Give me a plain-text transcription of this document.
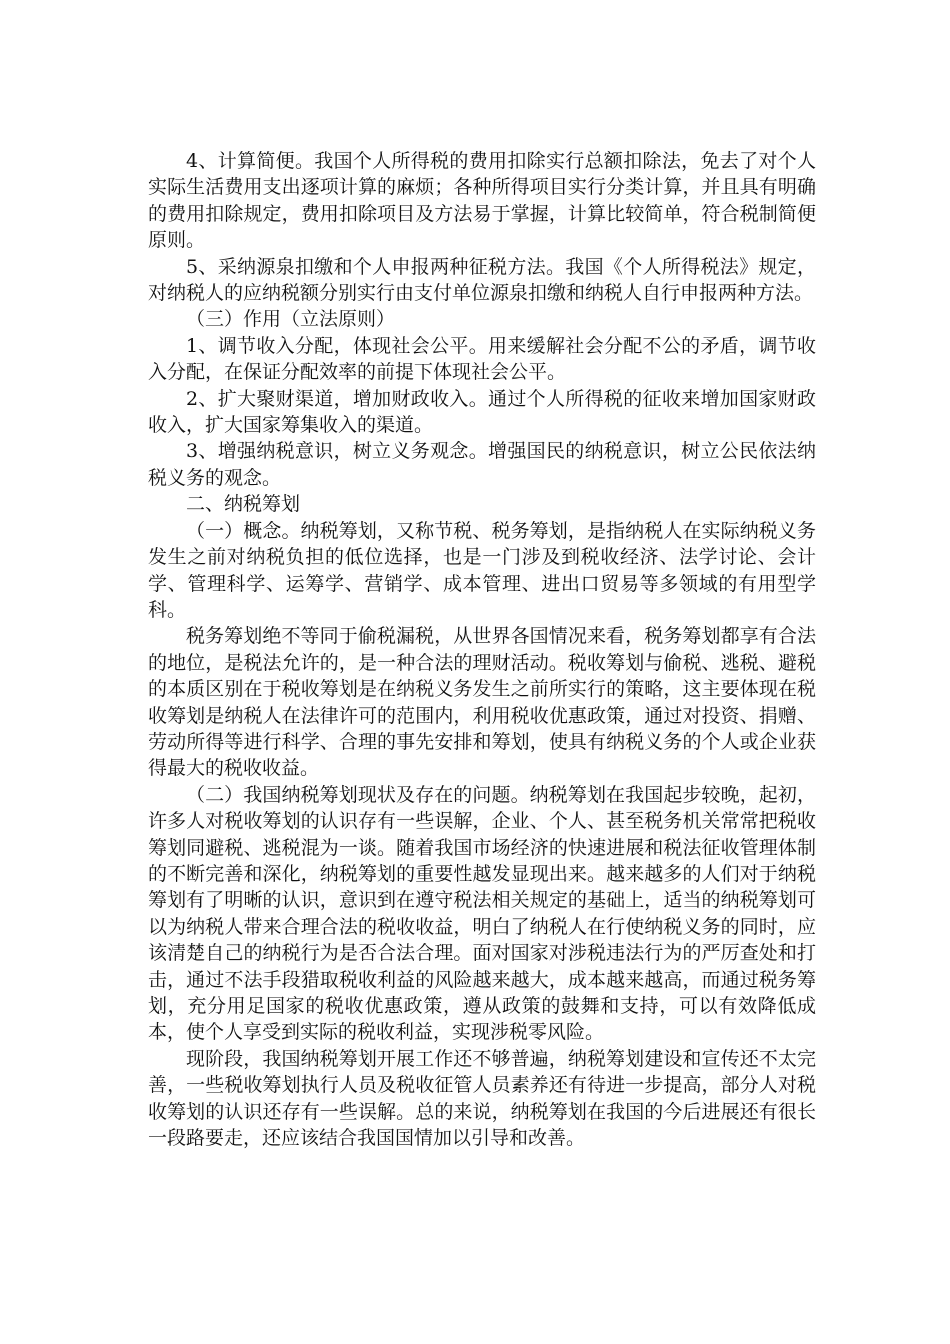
4、计算简便。我国个人所得税的费用扣除实行总额扣除法，免去了对个人实际生活费用支出逐项计算的麻烦；各种所得项目实行分类计算，并且具有明确的费用扣除规定，费用扣除项目及方法易于掌握，计算比较简单，符合税制简便原则。

5、采纳源泉扣缴和个人申报两种征税方法。我国《个人所得税法》规定，对纳税人的应纳税额分别实行由支付单位源泉扣缴和纳税人自行申报两种方法。

（三）作用（立法原则）

1、调节收入分配，体现社会公平。用来缓解社会分配不公的矛盾，调节收入分配，在保证分配效率的前提下体现社会公平。

2、扩大聚财渠道，增加财政收入。通过个人所得税的征收来增加国家财政收入，扩大国家筹集收入的渠道。

3、增强纳税意识，树立义务观念。增强国民的纳税意识，树立公民依法纳税义务的观念。

二、纳税筹划

（一）概念。纳税筹划，又称节税、税务筹划，是指纳税人在实际纳税义务发生之前对纳税负担的低位选择，也是一门涉及到税收经济、法学讨论、会计学、管理科学、运筹学、营销学、成本管理、进出口贸易等多领域的有用型学科。

税务筹划绝不等同于偷税漏税，从世界各国情况来看，税务筹划都享有合法的地位，是税法允许的，是一种合法的理财活动。税收筹划与偷税、逃税、避税的本质区别在于税收筹划是在纳税义务发生之前所实行的策略，这主要体现在税收筹划是纳税人在法律许可的范围内，利用税收优惠政策，通过对投资、捐赠、劳动所得等进行科学、合理的事先安排和筹划，使具有纳税义务的个人或企业获得最大的税收收益。

（二）我国纳税筹划现状及存在的问题。纳税筹划在我国起步较晚，起初，许多人对税收筹划的认识存有一些误解，企业、个人、甚至税务机关常常把税收筹划同避税、逃税混为一谈。随着我国市场经济的快速进展和税法征收管理体制的不断完善和深化，纳税筹划的重要性越发显现出来。越来越多的人们对于纳税筹划有了明晰的认识，意识到在遵守税法相关规定的基础上，适当的纳税筹划可以为纳税人带来合理合法的税收收益，明白了纳税人在行使纳税义务的同时，应该清楚自己的纳税行为是否合法合理。面对国家对涉税违法行为的严厉查处和打击，通过不法手段猎取税收利益的风险越来越大，成本越来越高，而通过税务筹划，充分用足国家的税收优惠政策，遵从政策的鼓舞和支持，可以有效降低成本，使个人享受到实际的税收利益，实现涉税零风险。

现阶段，我国纳税筹划开展工作还不够普遍，纳税筹划建设和宣传还不太完善，一些税收筹划执行人员及税收征管人员素养还有待进一步提高，部分人对税收筹划的认识还存有一些误解。总的来说，纳税筹划在我国的今后进展还有很长一段路要走，还应该结合我国国情加以引导和改善。
